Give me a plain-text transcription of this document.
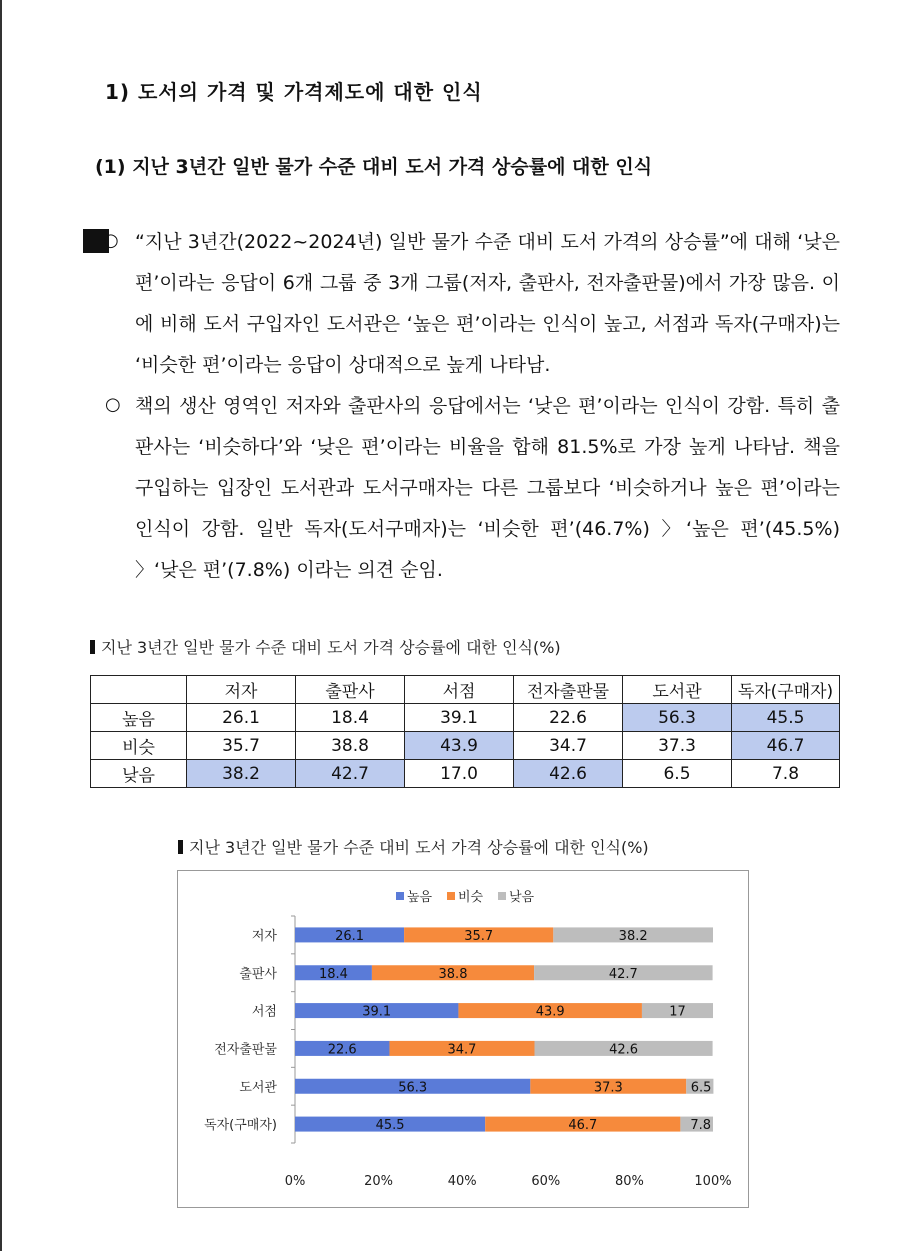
1) 도서의 가격 및 가격제도에 대한 인식
(1) 지난 3년간 일반 물가 수준 대비 도서 가격 상승률에 대한 인식
○ “지난 3년간(2022~2024년) 일반 물가 수준 대비 도서 가격의 상승률”에 대해 ‘낮은 편’이라는 응답이 6개 그룹 중 3개 그룹(저자, 출판사, 전자출판물)에서 가장 많음. 이에 비해 도서 구입자인 도서관은 ‘높은 편’이라는 인식이 높고, 서점과 독자(구매자)는 ‘비슷한 편’이라는 응답이 상대적으로 높게 나타남.
○ 책의 생산 영역인 저자와 출판사의 응답에서는 ‘낮은 편’이라는 인식이 강함. 특히 출판사는 ‘비슷하다’와 ‘낮은 편’이라는 비율을 합해 81.5%로 가장 높게 나타남. 책을 구입하는 입장인 도서관과 도서구매자는 다른 그룹보다 ‘비슷하거나 높은 편’이라는 인식이 강함. 일반 독자(도서구매자)는 ‘비슷한 편’(46.7%) 〉‘높은 편’(45.5%) 〉‘낮은 편’(7.8%) 이라는 의견 순임.
지난 3년간 일반 물가 수준 대비 도서 가격 상승률에 대한 인식(%)
	저자	출판사	서점	전자출판물	도서관	독자(구매자)
높음	26.1	18.4	39.1	22.6	56.3	45.5
비슷	35.7	38.8	43.9	34.7	37.3	46.7
낮음	38.2	42.7	17.0	42.6	6.5	7.8
지난 3년간 일반 물가 수준 대비 도서 가격 상승률에 대한 인식(%)
높음 비슷 낮음
저자	26.1	35.7	38.2
출판사	18.4	38.8	42.7
서점	39.1	43.9	17
전자출판물	22.6	34.7	42.6
도서관	56.3	37.3	6.5
독자(구매자)	45.5	46.7	7.8
0%	20%	40%	60%	80%	100%
